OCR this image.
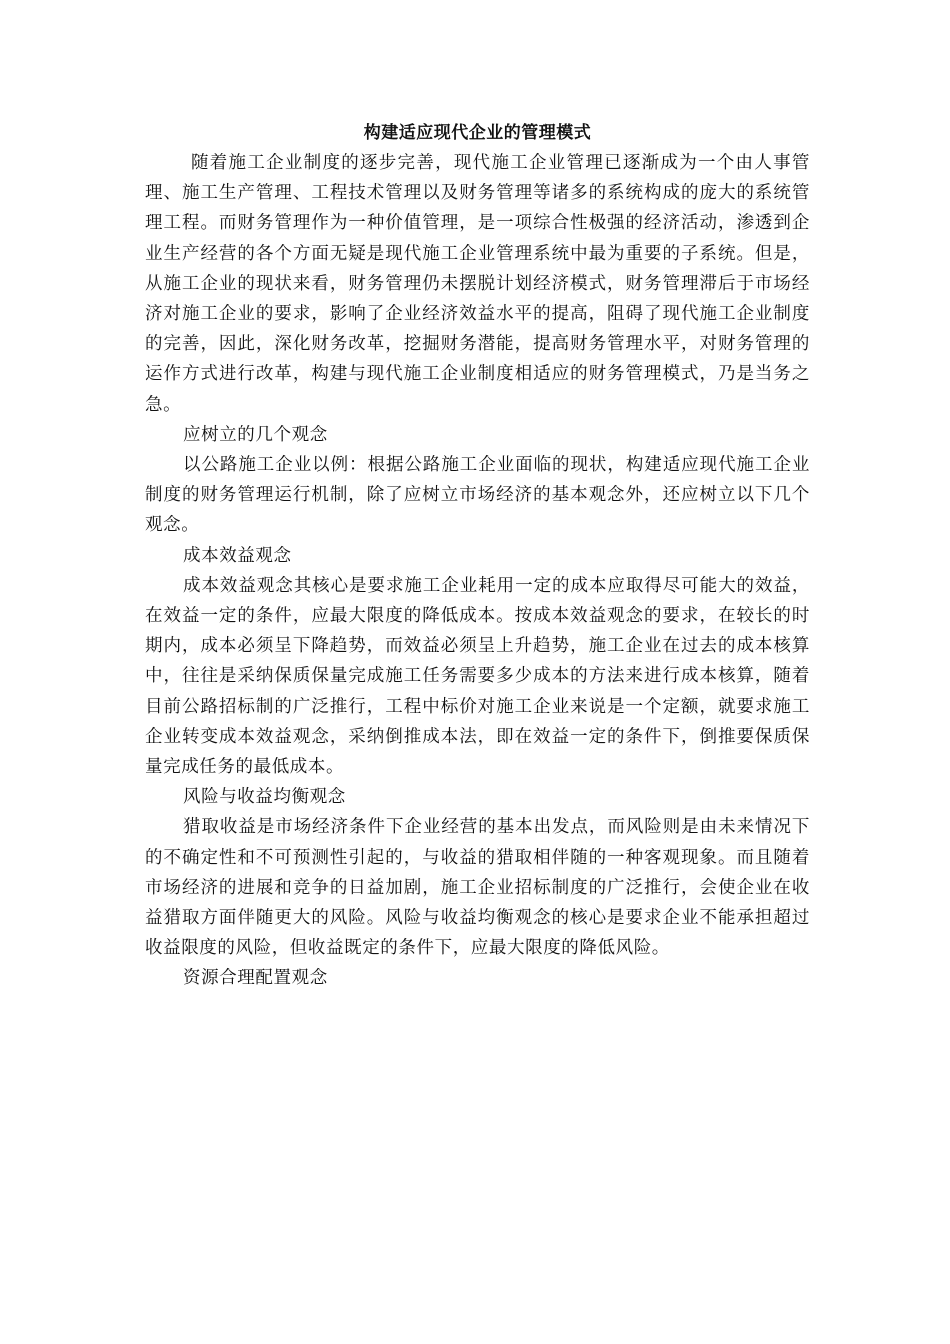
构建适应现代企业的管理模式

随着施工企业制度的逐步完善，现代施工企业管理已逐渐成为一个由人事管理、施工生产管理、工程技术管理以及财务管理等诸多的系统构成的庞大的系统管理工程。而财务管理作为一种价值管理，是一项综合性极强的经济活动，渗透到企业生产经营的各个方面无疑是现代施工企业管理系统中最为重要的子系统。但是，从施工企业的现状来看，财务管理仍未摆脱计划经济模式，财务管理滞后于市场经济对施工企业的要求，影响了企业经济效益水平的提高，阻碍了现代施工企业制度的完善，因此，深化财务改革，挖掘财务潜能，提高财务管理水平，对财务管理的运作方式进行改革，构建与现代施工企业制度相适应的财务管理模式，乃是当务之急。

应树立的几个观念

以公路施工企业以例：根据公路施工企业面临的现状，构建适应现代施工企业制度的财务管理运行机制，除了应树立市场经济的基本观念外，还应树立以下几个观念。

成本效益观念

成本效益观念其核心是要求施工企业耗用一定的成本应取得尽可能大的效益，在效益一定的条件，应最大限度的降低成本。按成本效益观念的要求，在较长的时期内，成本必须呈下降趋势，而效益必须呈上升趋势，施工企业在过去的成本核算中，往往是采纳保质保量完成施工任务需要多少成本的方法来进行成本核算，随着目前公路招标制的广泛推行，工程中标价对施工企业来说是一个定额，就要求施工企业转变成本效益观念，采纳倒推成本法，即在效益一定的条件下，倒推要保质保量完成任务的最低成本。

风险与收益均衡观念

猎取收益是市场经济条件下企业经营的基本出发点，而风险则是由未来情况下的不确定性和不可预测性引起的，与收益的猎取相伴随的一种客观现象。而且随着市场经济的进展和竞争的日益加剧，施工企业招标制度的广泛推行，会使企业在收益猎取方面伴随更大的风险。风险与收益均衡观念的核心是要求企业不能承担超过收益限度的风险，但收益既定的条件下，应最大限度的降低风险。

资源合理配置观念
